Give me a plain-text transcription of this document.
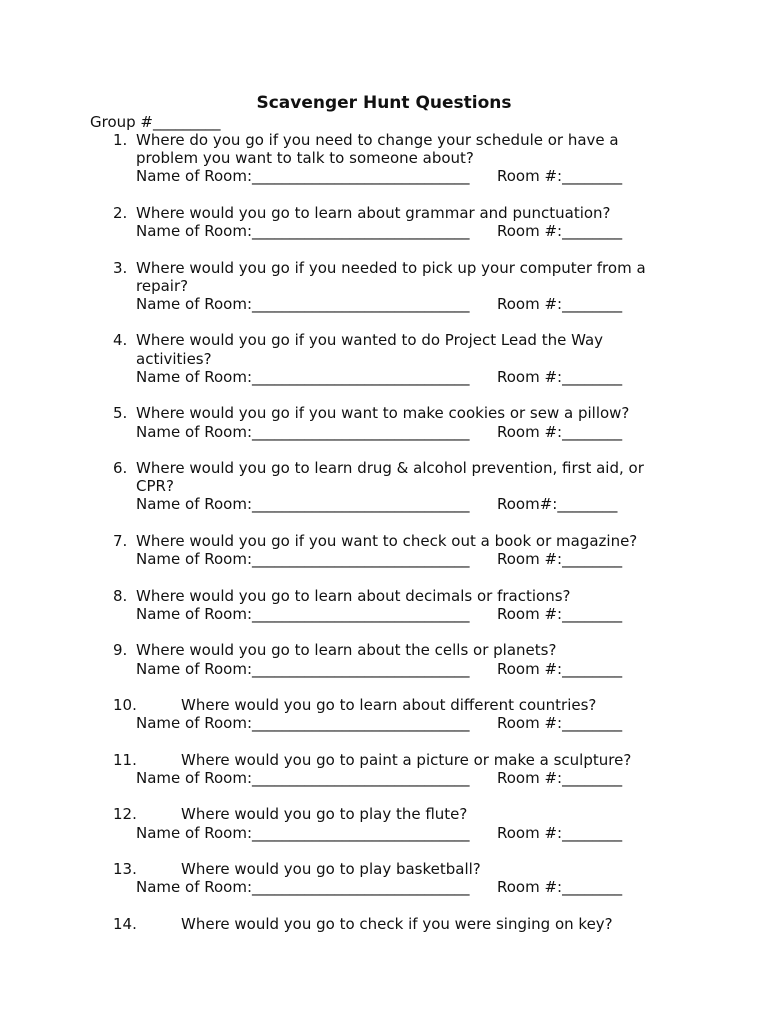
Scavenger Hunt Questions
Group #_________
1. Where do you go if you need to change your schedule or have a problem you want to talk to someone about?
Name of Room:_____________________________ Room #:________
2. Where would you go to learn about grammar and punctuation?
Name of Room:_____________________________ Room #:________
3. Where would you go if you needed to pick up your computer from a repair?
Name of Room:_____________________________ Room #:________
4. Where would you go if you wanted to do Project Lead the Way activities?
Name of Room:_____________________________ Room #:________
5. Where would you go if you want to make cookies or sew a pillow?
Name of Room:_____________________________ Room #:________
6. Where would you go to learn drug & alcohol prevention, first aid, or CPR?
Name of Room:_____________________________ Room#:________
7. Where would you go if you want to check out a book or magazine?
Name of Room:_____________________________ Room #:________
8. Where would you go to learn about decimals or fractions?
Name of Room:_____________________________ Room #:________
9. Where would you go to learn about the cells or planets?
Name of Room:_____________________________ Room #:________
10.	Where would you go to learn about different countries?
Name of Room:_____________________________ Room #:________
11.	Where would you go to paint a picture or make a sculpture?
Name of Room:_____________________________ Room #:________
12.	Where would you go to play the flute?
Name of Room:_____________________________ Room #:________
13.	Where would you go to play basketball?
Name of Room:_____________________________ Room #:________
14.	Where would you go to check if you were singing on key?
